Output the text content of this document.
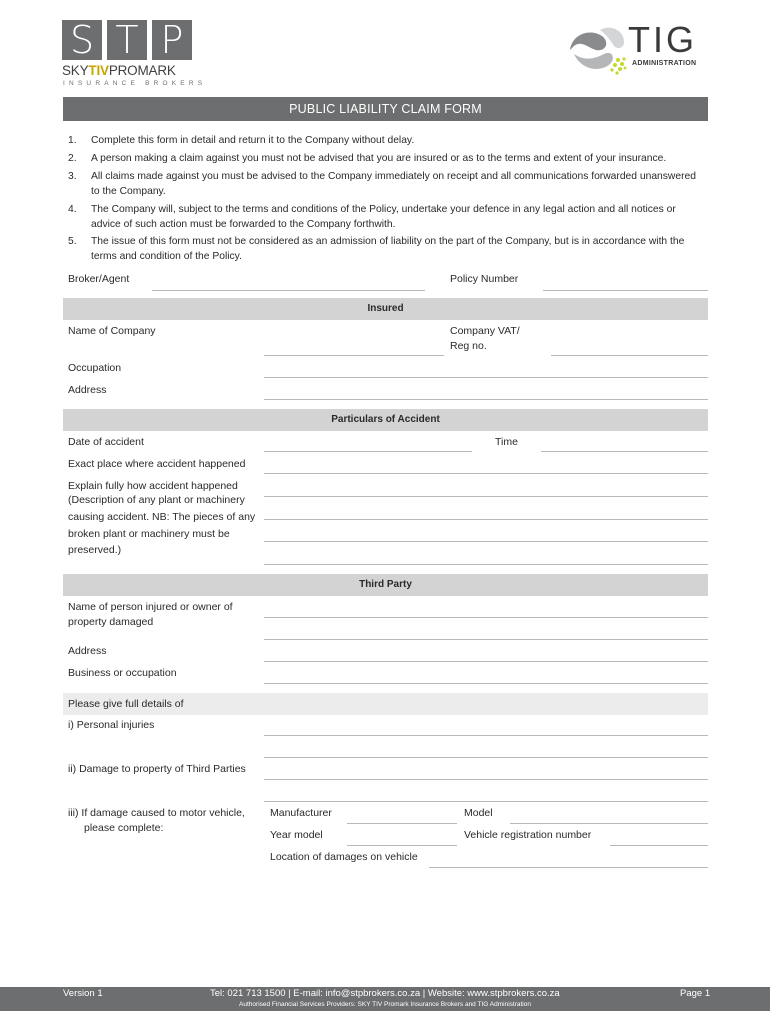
S T P
SKYTIVPROMARK
INSURANCE BROKERS
TIG
ADMINISTRATION
PUBLIC LIABILITY CLAIM FORM
1. Complete this form in detail and return it to the Company without delay.
2. A person making a claim against you must not be advised that you are insured or as to the terms and extent of your insurance.
3. All claims made against you must be advised to the Company immediately on receipt and all communications forwarded unanswered to the Company.
4. The Company will, subject to the terms and conditions of the Policy, undertake your defence in any legal action and all notices or advice of such action must be forwarded to the Company forthwith.
5. The issue of this form must not be considered as an admission of liability on the part of the Company, but is in accordance with the terms and condition of the Policy.
Broker/Agent	Policy Number
Insured
Name of Company	Company VAT/
Reg no.
Occupation
Address
Particulars of Accident
Date of accident	Time
Exact place where accident happened
Explain fully how accident happened
(Description of any plant or machinery
causing accident. NB: The pieces of any
broken plant or machinery must be
preserved.)
Third Party
Name of person injured or owner of
property damaged
Address
Business or occupation
Please give full details of
i) Personal injuries
ii) Damage to property of Third Parties
iii) If damage caused to motor vehicle,
please complete:
Manufacturer	Model
Year model	Vehicle registration number
Location of damages on vehicle
Version 1	Tel: 021 713 1500 | E-mail: info@stpbrokers.co.za | Website: www.stpbrokers.co.za	Page 1
Authorised Financial Services Providers: SKY TIV Promark Insurance Brokers and TIG Administration
